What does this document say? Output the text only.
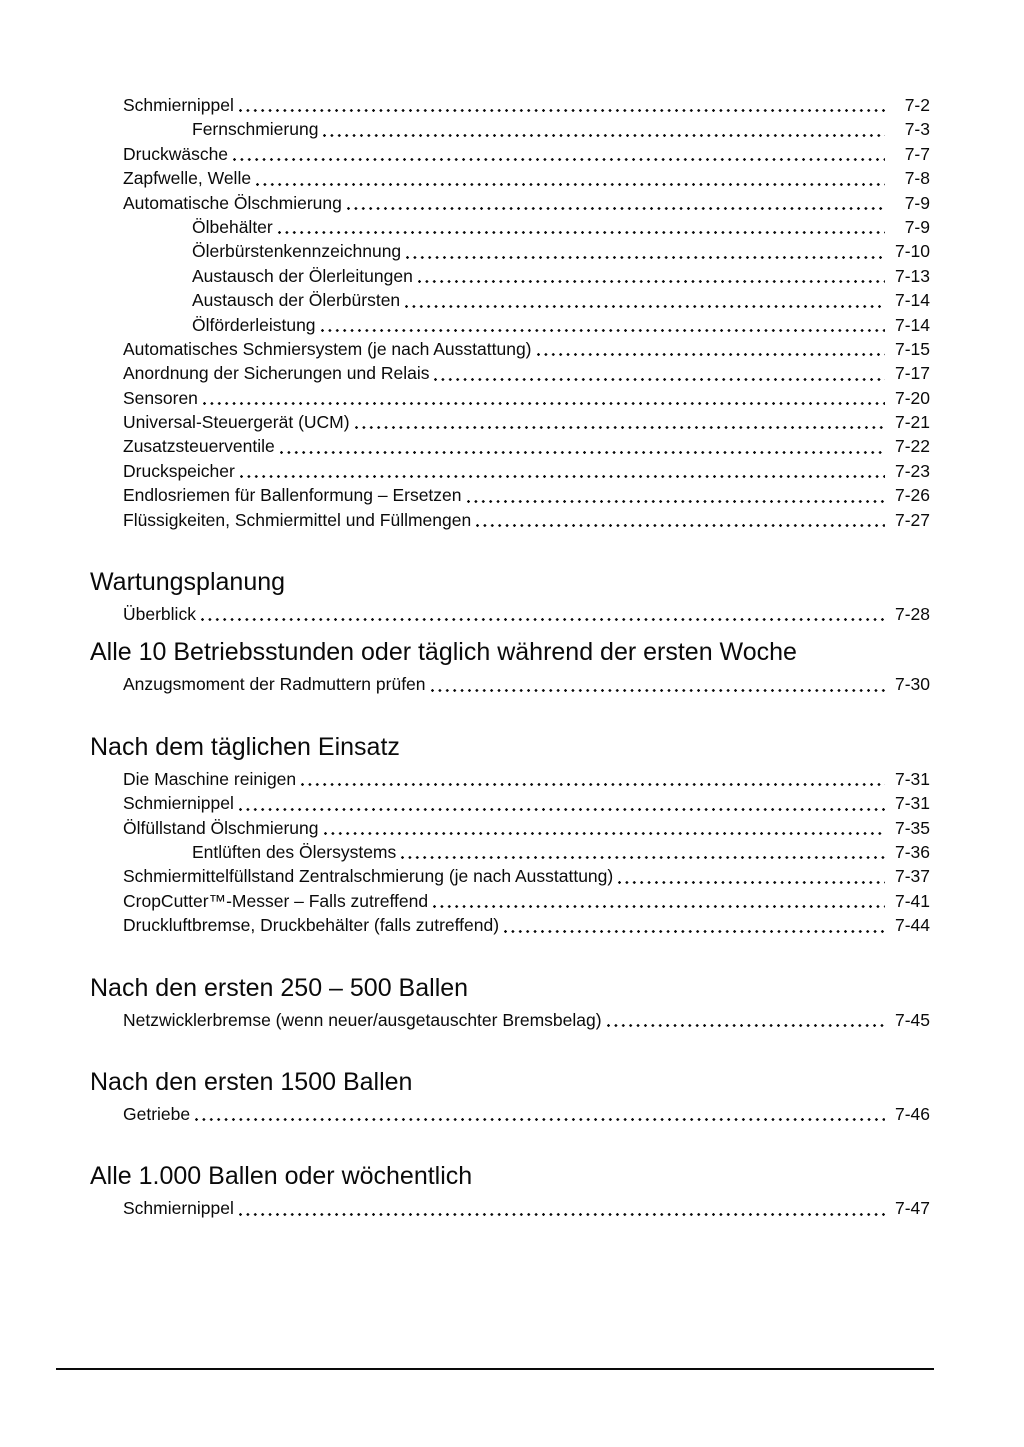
Schmiernippel	7-2
Fernschmierung	7-3
Druckwäsche	7-7
Zapfwelle, Welle	7-8
Automatische Ölschmierung	7-9
Ölbehälter	7-9
Ölerbürstenkennzeichnung	7-10
Austausch der Ölerleitungen	7-13
Austausch der Ölerbürsten	7-14
Ölförderleistung	7-14
Automatisches Schmiersystem (je nach Ausstattung)	7-15
Anordnung der Sicherungen und Relais	7-17
Sensoren	7-20
Universal-Steuergerät (UCM)	7-21
Zusatzsteuerventile	7-22
Druckspeicher	7-23
Endlosriemen für Ballenformung – Ersetzen	7-26
Flüssigkeiten, Schmiermittel und Füllmengen	7-27
Wartungsplanung
Überblick	7-28
Alle 10 Betriebsstunden oder täglich während der ersten Woche
Anzugsmoment der Radmuttern prüfen	7-30
Nach dem täglichen Einsatz
Die Maschine reinigen	7-31
Schmiernippel	7-31
Ölfüllstand Ölschmierung	7-35
Entlüften des Ölersystems	7-36
Schmiermittelfüllstand Zentralschmierung (je nach Ausstattung)	7-37
CropCutter™-Messer – Falls zutreffend	7-41
Druckluftbremse, Druckbehälter (falls zutreffend)	7-44
Nach den ersten 250 – 500 Ballen
Netzwicklerbremse (wenn neuer/ausgetauschter Bremsbelag)	7-45
Nach den ersten 1500 Ballen
Getriebe	7-46
Alle 1.000 Ballen oder wöchentlich
Schmiernippel	7-47
